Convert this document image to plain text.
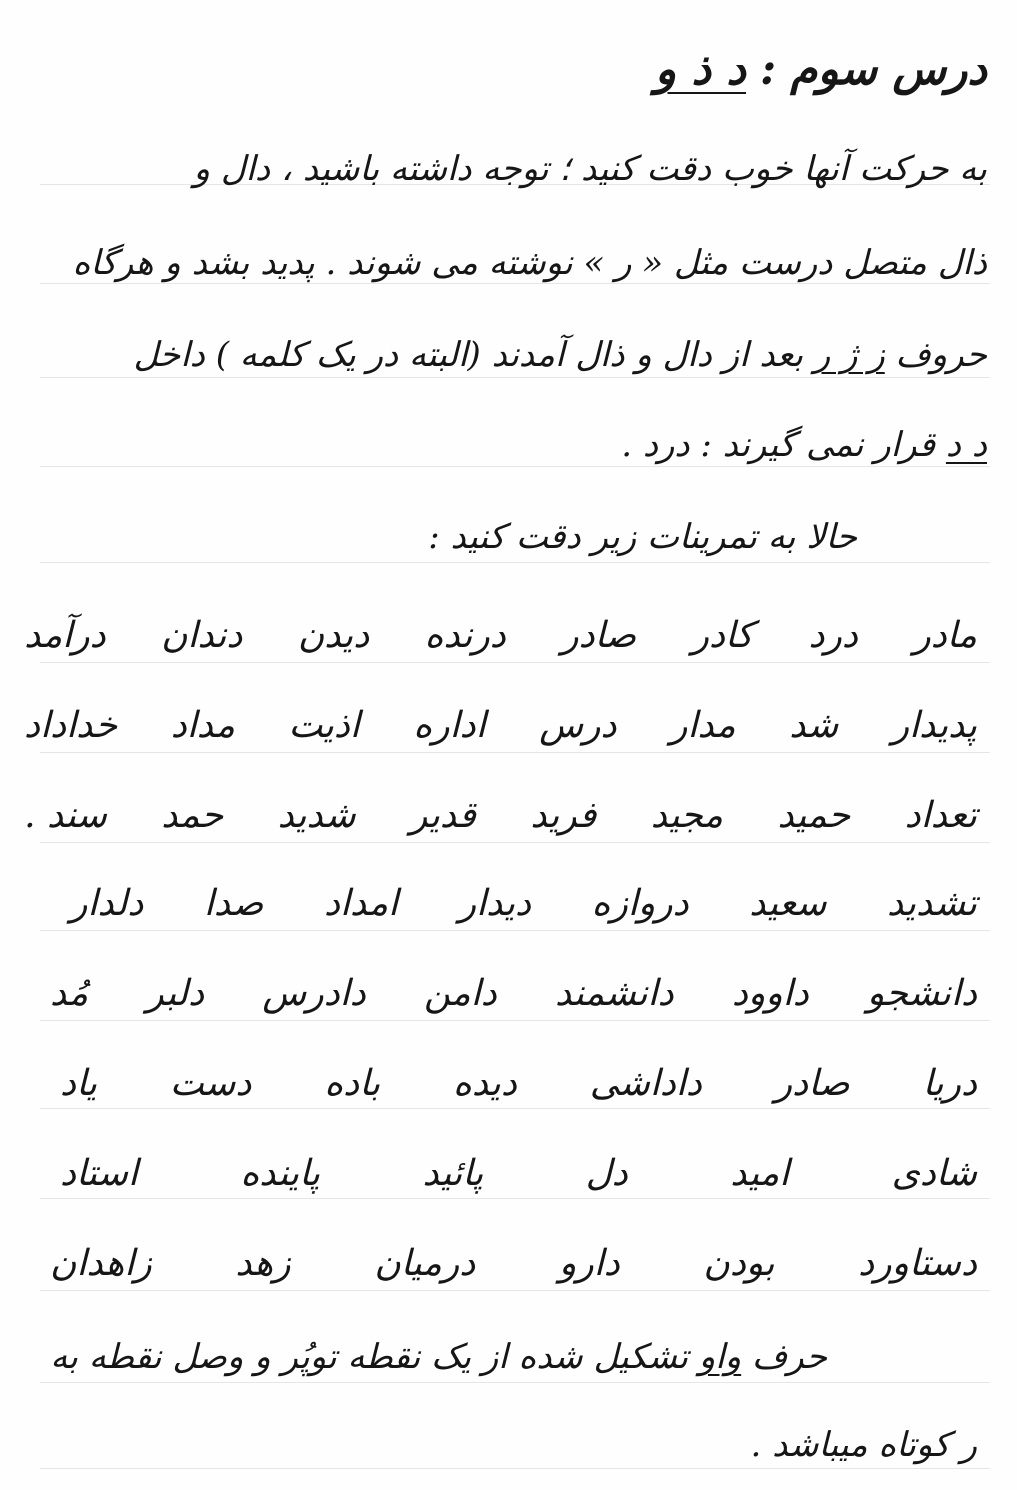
درس سوم:د ذ و
به حرکت آنها خوب دقت کنید ؛ توجه داشته باشید ، دال و
ذال متصل درست مثل « ر » نوشته می شوند . پدید بشد و هرگاه
حروف ز ژ ر بعد از دال و ذال آمدند (البته در یک کلمه ) داخل
د د قرار نمی گیرند : درد .
حالا به تمرینات زیر دقت کنید :
مادر
درد
کادر
صادر
درنده
دیدن
دندان
درآمد
پدیدار
شد
مدار
درس
اداره
اذیت
مداد
خداداد
تعداد
حمید
مجید
فرید
قدیر
شدید
حمد
سند .
تشدید
سعید
دروازه
دیدار
امداد
صدا
دلدار
دانشجو
داوود
دانشمند
دامن
دادرس
دلبر
مُد
دریا
صادر
داداشی
دیده
باده
دست
یاد
شادی
امید
دل
پائید
پاینده
استاد
دستاورد
بودن
دارو
درمیان
زهد
زاهدان
حرف واو تشکیل شده از یک نقطه توپُر و وصل نقطه به
ر کوتاه میباشد .
